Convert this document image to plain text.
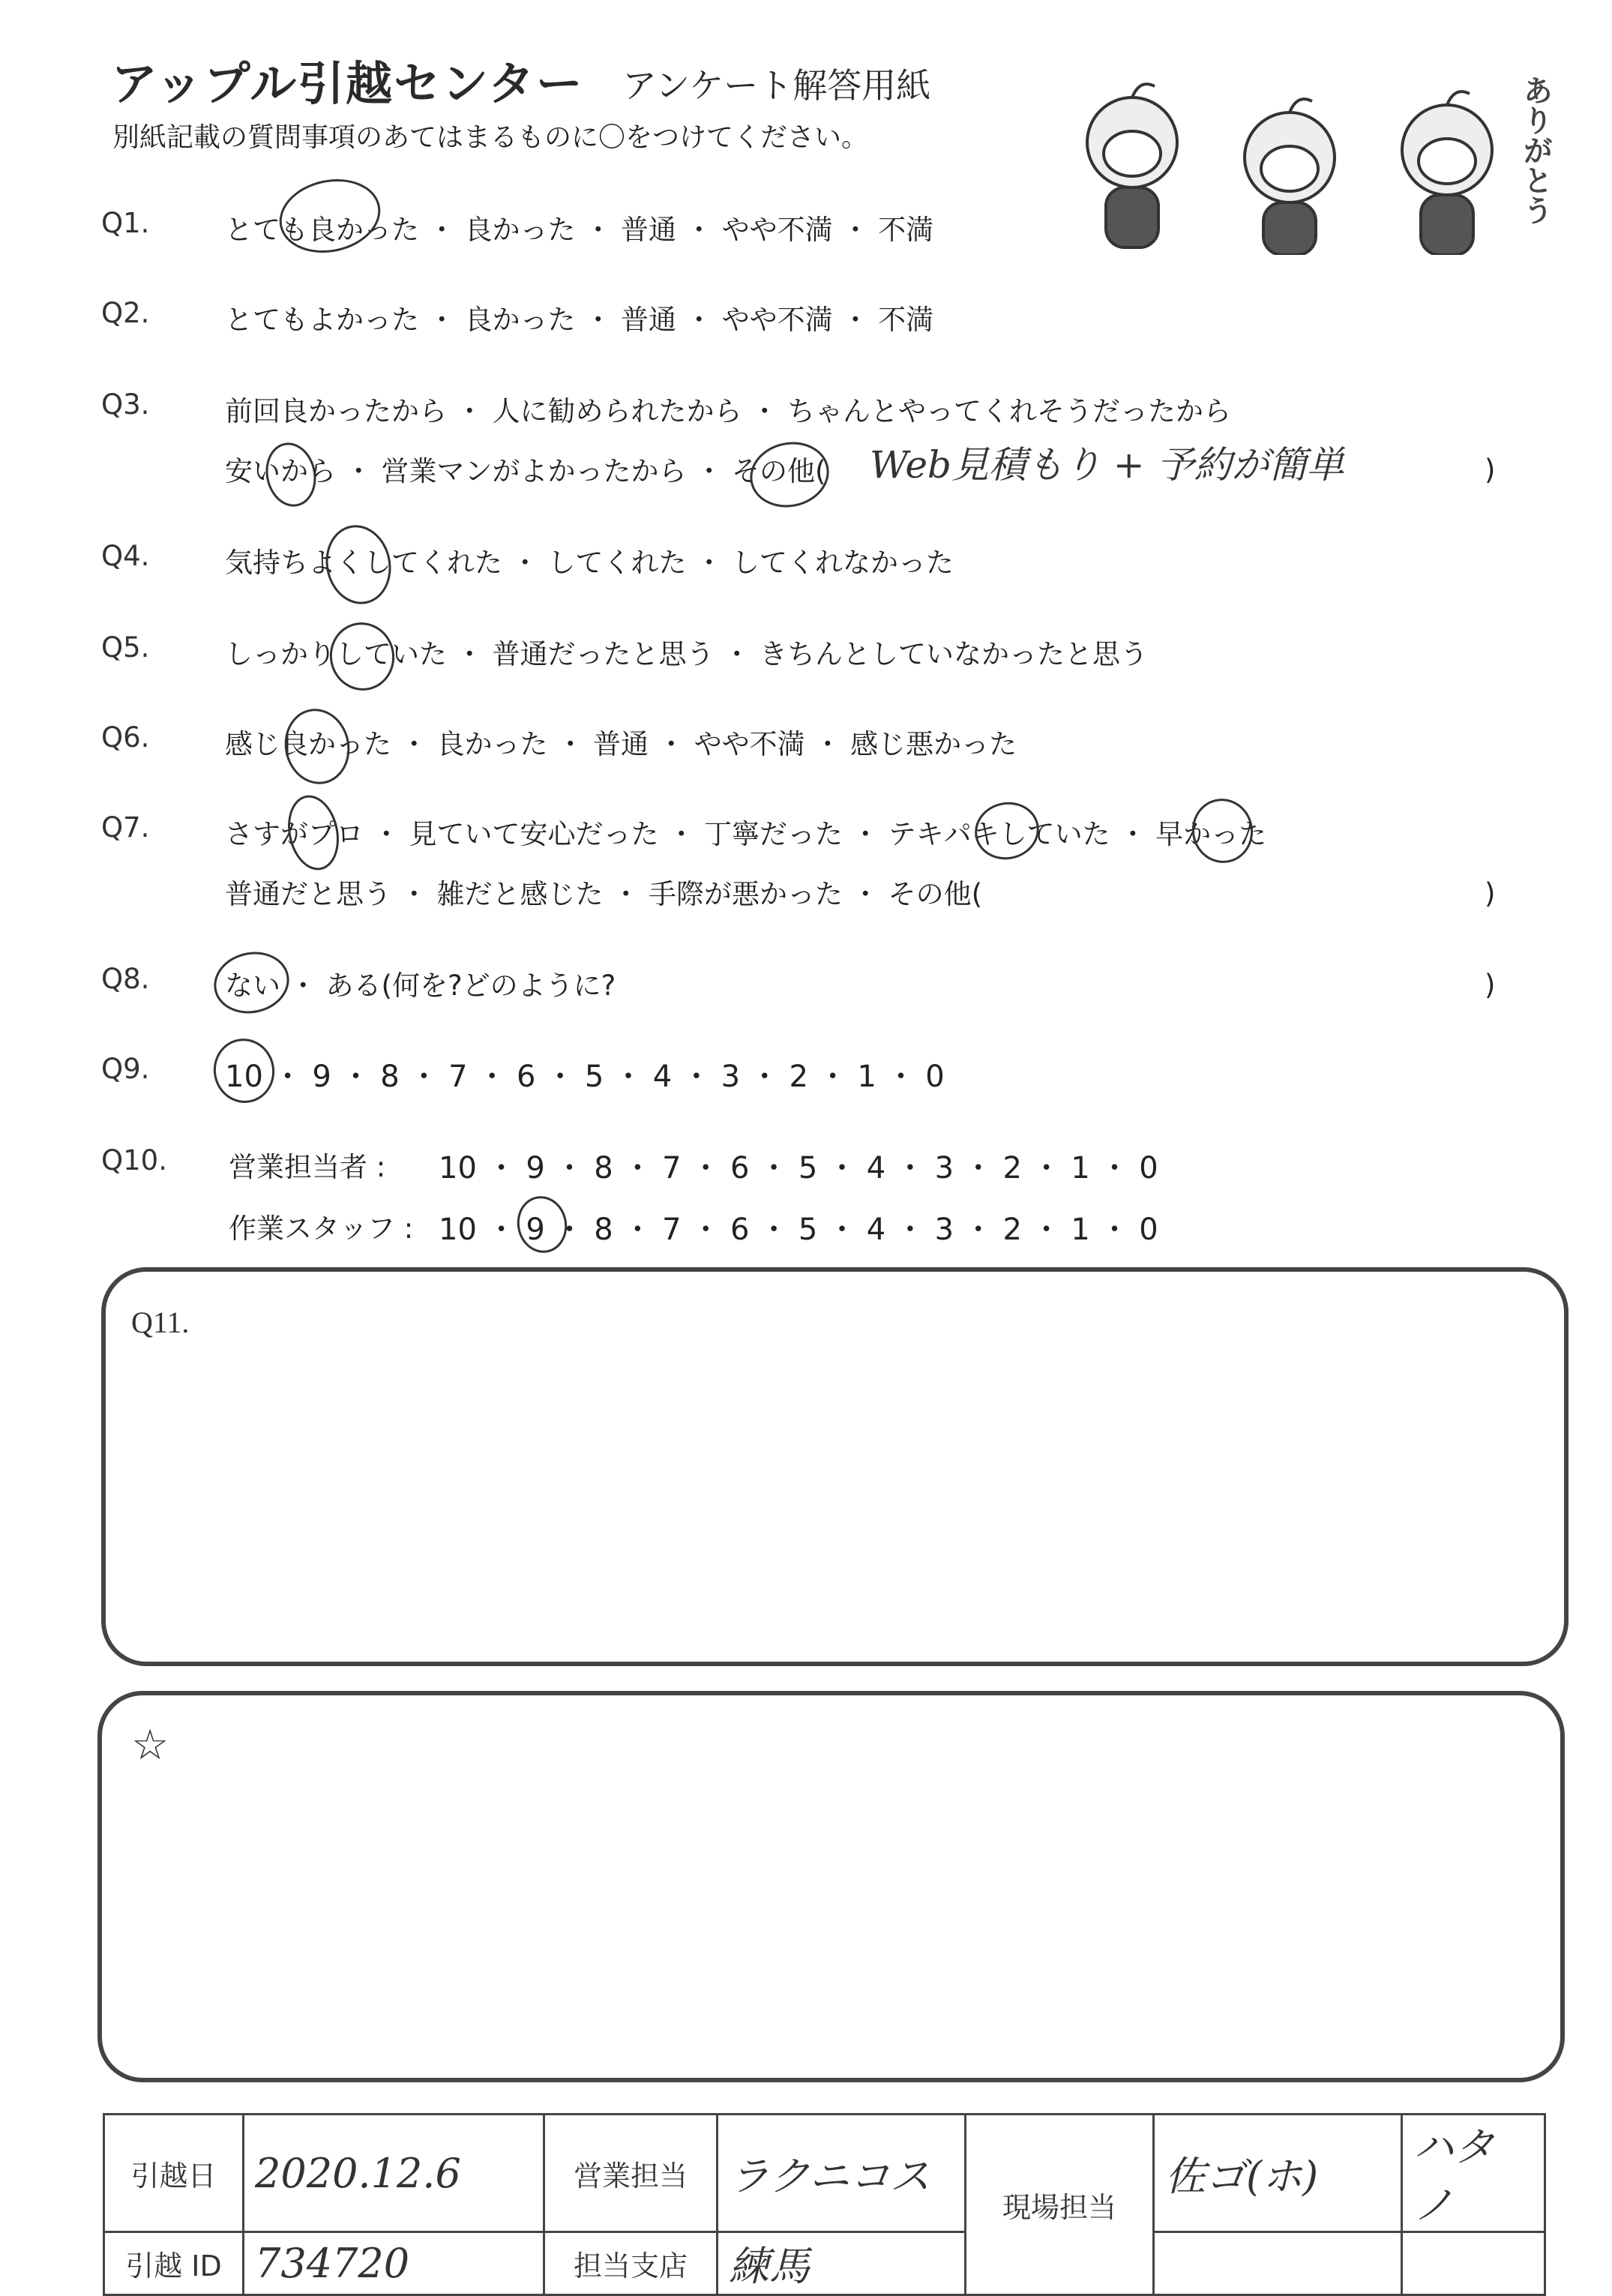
アップル引越センター アンケート解答用紙
別紙記載の質問事項のあてはまるものに〇をつけてください。	ありがとう
Q1.	とても良かった ・ 良かった ・ 普通 ・ やや不満 ・ 不満
Q2.	とてもよかった ・ 良かった ・ 普通 ・ やや不満 ・ 不満
Q3.	前回良かったから ・ 人に勧められたから ・ ちゃんとやってくれそうだったから
安いから ・ 営業マンがよかったから ・ その他( Web見積もり + 予約が簡単	)
Q4.	気持ちよくしてくれた ・ してくれた ・ してくれなかった
Q5.	しっかりしていた ・ 普通だったと思う ・ きちんとしていなかったと思う
Q6.	感じ良かった ・ 良かった ・ 普通 ・ やや不満 ・ 感じ悪かった
Q7.	さすがプロ ・ 見ていて安心だった ・ 丁寧だった ・ テキパキしていた ・ 早かった
普通だと思う ・ 雑だと感じた ・ 手際が悪かった ・ その他(	)
Q8.	ない ・ ある(何を?どのように?	)
Q9.	10 ・ 9 ・ 8 ・ 7 ・ 6 ・ 5 ・ 4 ・ 3 ・ 2 ・ 1 ・ 0
Q10. 営業担当者 : 10 ・ 9 ・ 8 ・ 7 ・ 6 ・ 5 ・ 4 ・ 3 ・ 2 ・ 1 ・ 0
作業スタッフ : 10 ・ 9 ・ 8 ・ 7 ・ 6 ・ 5 ・ 4 ・ 3 ・ 2 ・ 1 ・ 0
Q11.
☆
引越日	2020.12.6	営業担当	ラクニコス	現場担当	佐ゴ(ホ)	ハタノ
引越 ID	734720	担当支店	練馬			
